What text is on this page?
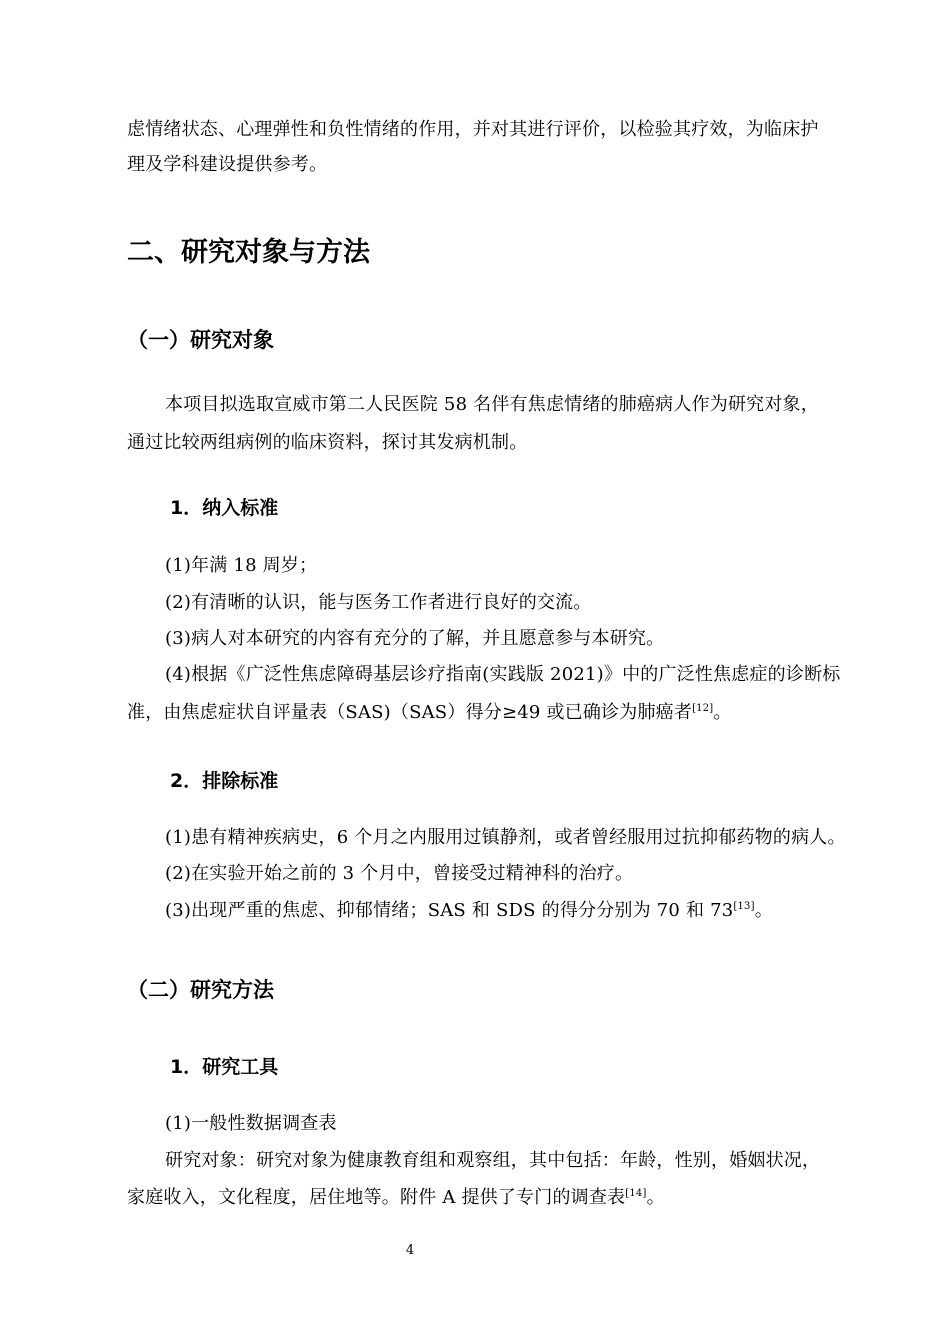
虑情绪状态、心理弹性和负性情绪的作用，并对其进行评价，以检验其疗效，为临床护
理及学科建设提供参考。
二、研究对象与方法
（一）研究对象
本项目拟选取宣威市第二人民医院 58 名伴有焦虑情绪的肺癌病人作为研究对象，
通过比较两组病例的临床资料，探讨其发病机制。
1．纳入标准
(1)年满 18 周岁；
(2)有清晰的认识，能与医务工作者进行良好的交流。
(3)病人对本研究的内容有充分的了解，并且愿意参与本研究。
(4)根据《广泛性焦虑障碍基层诊疗指南(实践版 2021)》中的广泛性焦虑症的诊断标
准，由焦虑症状自评量表（SAS)（SAS）得分≥49 或已确诊为肺癌者[12]。
2．排除标准
(1)患有精神疾病史，6 个月之内服用过镇静剂，或者曾经服用过抗抑郁药物的病人。
(2)在实验开始之前的 3 个月中，曾接受过精神科的治疗。
(3)出现严重的焦虑、抑郁情绪；SAS 和 SDS 的得分分别为 70 和 73[13]。
（二）研究方法
1．研究工具
(1)一般性数据调查表
研究对象：研究对象为健康教育组和观察组，其中包括：年龄，性别，婚姻状况，
家庭收入，文化程度，居住地等。附件 A 提供了专门的调查表[14]。
4
